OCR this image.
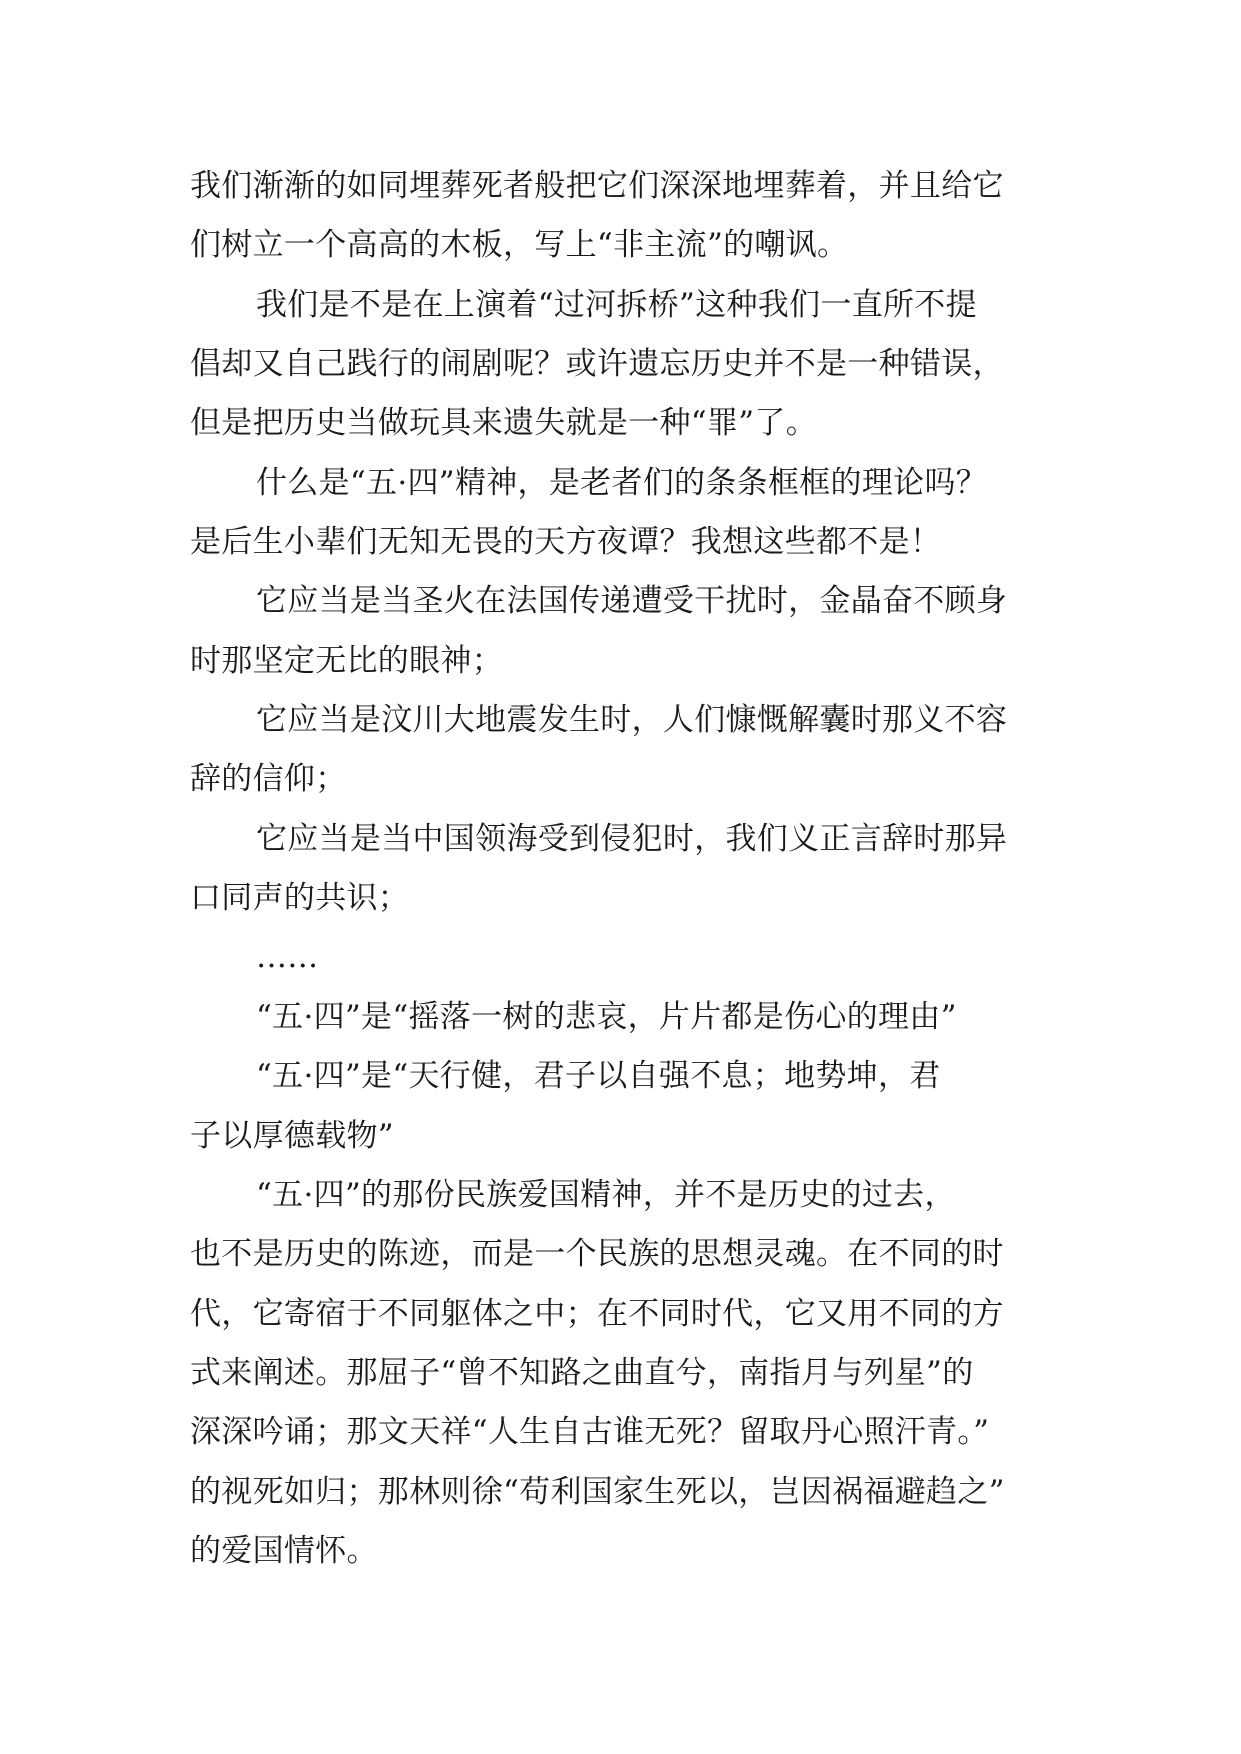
我们渐渐的如同埋葬死者般把它们深深地埋葬着，并且给它
们树立一个高高的木板，写上“非主流”的嘲讽。
我们是不是在上演着“过河拆桥”这种我们一直所不提
倡却又自己践行的闹剧呢？或许遗忘历史并不是一种错误，
但是把历史当做玩具来遗失就是一种“罪”了。
什么是“五·四”精神，是老者们的条条框框的理论吗？
是后生小辈们无知无畏的天方夜谭？我想这些都不是！
它应当是当圣火在法国传递遭受干扰时，金晶奋不顾身
时那坚定无比的眼神；
它应当是汶川大地震发生时，人们慷慨解囊时那义不容
辞的信仰；
它应当是当中国领海受到侵犯时，我们义正言辞时那异
口同声的共识；
……
“五·四”是“摇落一树的悲哀，片片都是伤心的理由”
“五·四”是“天行健，君子以自强不息；地势坤，君
子以厚德载物”
“五·四”的那份民族爱国精神，并不是历史的过去，
也不是历史的陈迹，而是一个民族的思想灵魂。在不同的时
代，它寄宿于不同躯体之中；在不同时代，它又用不同的方
式来阐述。那屈子“曾不知路之曲直兮，南指月与列星”的
深深吟诵；那文天祥“人生自古谁无死？留取丹心照汗青。”
的视死如归；那林则徐“苟利国家生死以，岂因祸福避趋之”
的爱国情怀。
